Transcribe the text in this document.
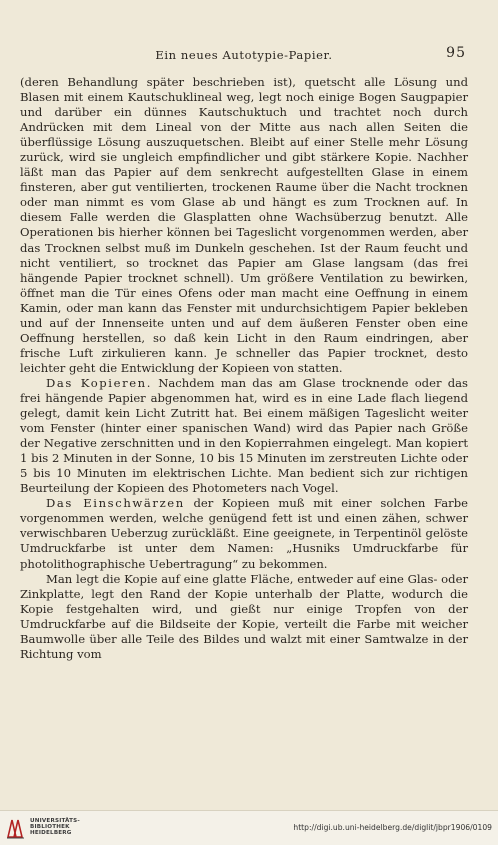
Ein neues Autotypie-Papier.	95

(deren Behandlung später beschrieben ist), quetscht alle Lösung und Blasen mit einem Kautschuklineal weg, legt noch einige Bogen Saugpapier und darüber ein dünnes Kautschuktuch und trachtet noch durch Andrücken mit dem Lineal von der Mitte aus nach allen Seiten die überflüssige Lösung auszuquetschen. Bleibt auf einer Stelle mehr Lösung zurück, wird sie ungleich empfindlicher und gibt stärkere Kopie. Nachher läßt man das Papier auf dem senkrecht aufgestellten Glase in einem finsteren, aber gut ventilierten, trockenen Raume über die Nacht trocknen oder man nimmt es vom Glase ab und hängt es zum Trocknen auf. In diesem Falle werden die Glasplatten ohne Wachsüberzug benutzt. Alle Operationen bis hierher können bei Tageslicht vorgenommen werden, aber das Trocknen selbst muß im Dunkeln geschehen. Ist der Raum feucht und nicht ventiliert, so trocknet das Papier am Glase langsam (das frei hängende Papier trocknet schnell). Um größere Ventilation zu bewirken, öffnet man die Tür eines Ofens oder man macht eine Oeffnung in einem Kamin, oder man kann das Fenster mit undurchsichtigem Papier bekleben und auf der Innenseite unten und auf dem äußeren Fenster oben eine Oeffnung herstellen, so daß kein Licht in den Raum eindringen, aber frische Luft zirkulieren kann. Je schneller das Papier trocknet, desto leichter geht die Entwicklung der Kopieen von statten.

Das Kopieren. Nachdem man das am Glase trocknende oder das frei hängende Papier abgenommen hat, wird es in eine Lade flach liegend gelegt, damit kein Licht Zutritt hat. Bei einem mäßigen Tageslicht weiter vom Fenster (hinter einer spanischen Wand) wird das Papier nach Größe der Negative zerschnitten und in den Kopierrahmen eingelegt. Man kopiert 1 bis 2 Minuten in der Sonne, 10 bis 15 Minuten im zerstreuten Lichte oder 5 bis 10 Minuten im elektrischen Lichte. Man bedient sich zur richtigen Beurteilung der Kopieen des Photometers nach Vogel.

Das Einschwärzen der Kopieen muß mit einer solchen Farbe vorgenommen werden, welche genügend fett ist und einen zähen, schwer verwischbaren Ueberzug zurückläßt. Eine geeignete, in Terpentinöl gelöste Umdruckfarbe ist unter dem Namen: „Husniks Umdruckfarbe für photolithographische Uebertragung“ zu bekommen.

Man legt die Kopie auf eine glatte Fläche, entweder auf eine Glas- oder Zinkplatte, legt den Rand der Kopie unterhalb der Platte, wodurch die Kopie festgehalten wird, und gießt nur einige Tropfen von der Umdruckfarbe auf die Bildseite der Kopie, verteilt die Farbe mit weicher Baumwolle über alle Teile des Bildes und walzt mit einer Samtwalze in der Richtung vom

UNIVERSITÄTS-
BIBLIOTHEK
HEIDELBERG
http://digi.ub.uni-heidelberg.de/diglit/jbpr1906/0109
